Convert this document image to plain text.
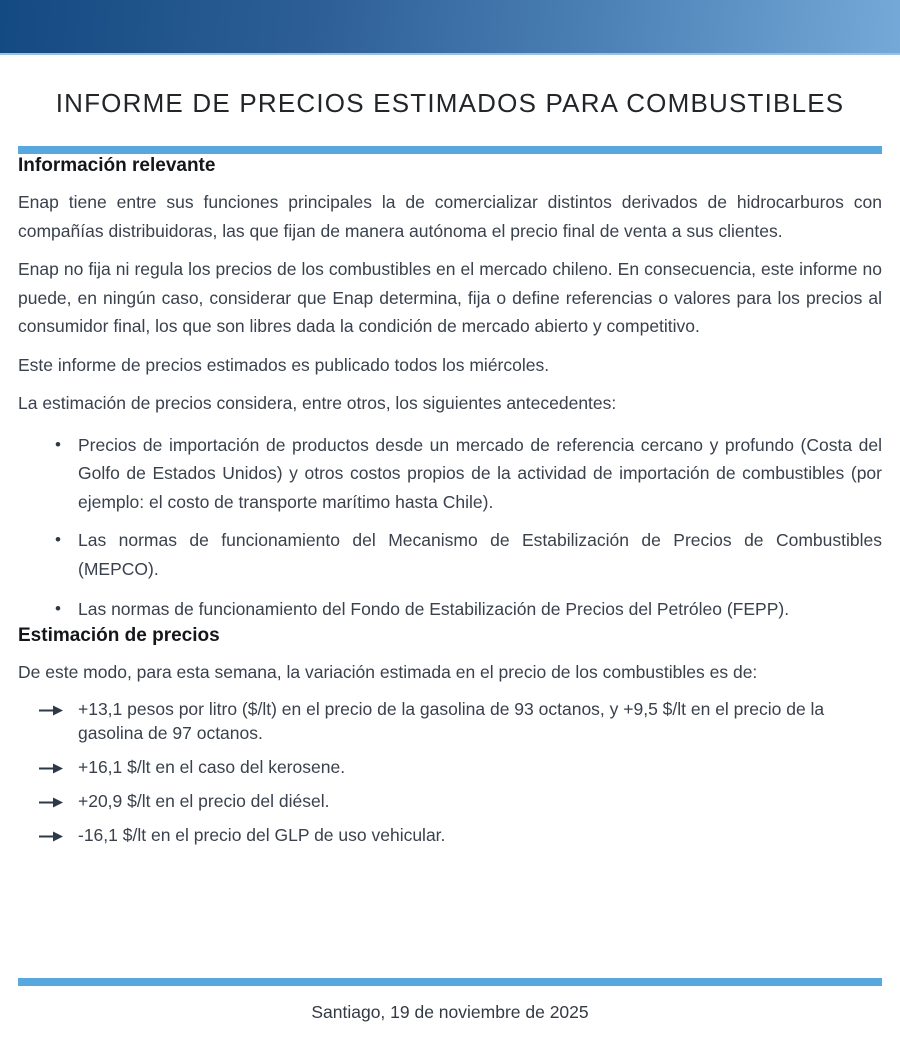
INFORME DE PRECIOS ESTIMADOS PARA COMBUSTIBLES
Información relevante

Enap tiene entre sus funciones principales la de comercializar distintos derivados de hidrocarburos con compañías distribuidoras, las que fijan de manera autónoma el precio final de venta a sus clientes.

Enap no fija ni regula los precios de los combustibles en el mercado chileno. En consecuencia, este informe no puede, en ningún caso, considerar que Enap determina, fija o define referencias o valores para los precios al consumidor final, los que son libres dada la condición de mercado abierto y competitivo.

Este informe de precios estimados es publicado todos los miércoles.

La estimación de precios considera, entre otros, los siguientes antecedentes:

• Precios de importación de productos desde un mercado de referencia cercano y profundo (Costa del Golfo de Estados Unidos) y otros costos propios de la actividad de importación de combustibles (por ejemplo: el costo de transporte marítimo hasta Chile).
• Las normas de funcionamiento del Mecanismo de Estabilización de Precios de Combustibles (MEPCO).
• Las normas de funcionamiento del Fondo de Estabilización de Precios del Petróleo (FEPP).
Estimación de precios

De este modo, para esta semana, la variación estimada en el precio de los combustibles es de:

+13,1 pesos por litro ($/lt) en el precio de la gasolina de 93 octanos, y +9,5 $/lt en el precio de la gasolina de 97 octanos.
+16,1 $/lt en el caso del kerosene.
+20,9 $/lt en el precio del diésel.
-16,1 $/lt en el precio del GLP de uso vehicular.
Santiago, 19 de noviembre de 2025
